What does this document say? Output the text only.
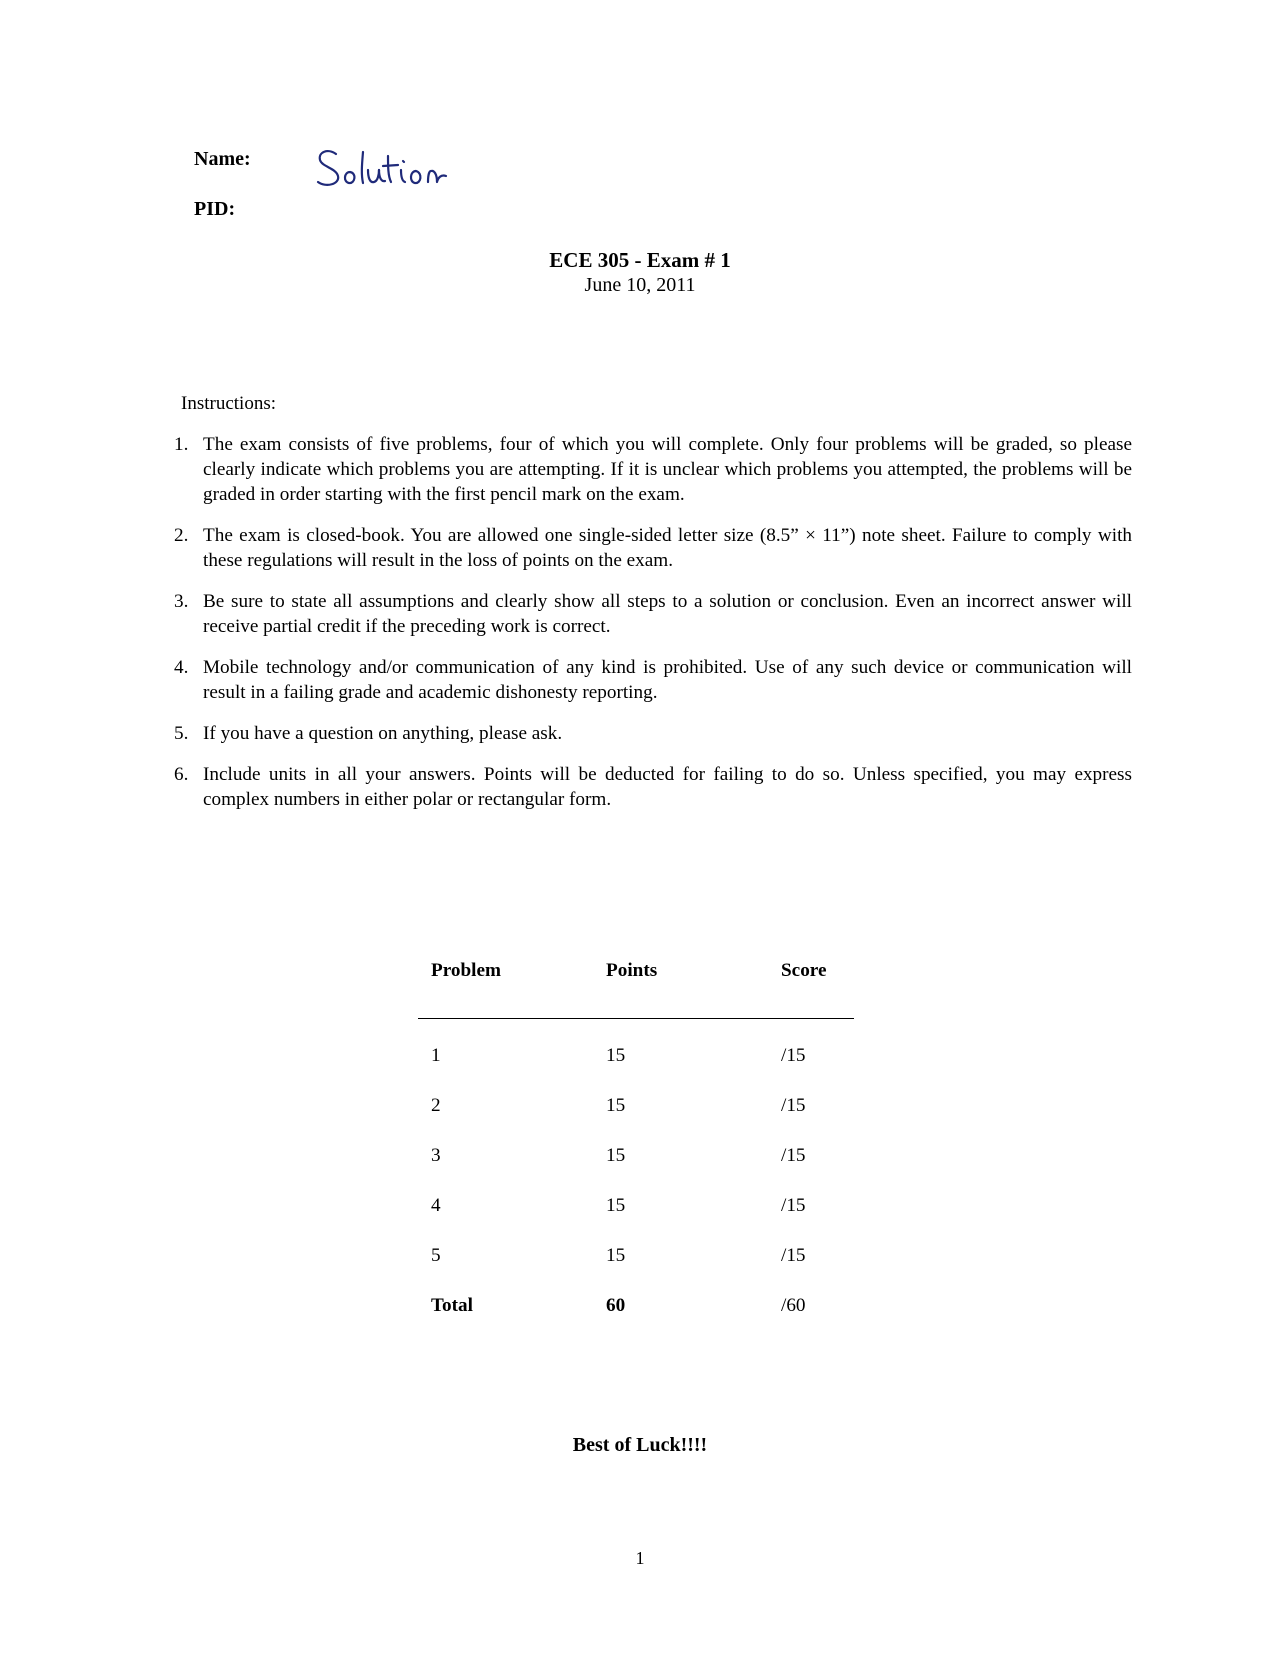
Name:
Solution
PID:
ECE 305 - Exam # 1
June 10, 2011
Instructions:
1. The exam consists of five problems, four of which you will complete. Only four problems will be graded, so please clearly indicate which problems you are attempting. If it is unclear which problems you attempted, the problems will be graded in order starting with the first pencil mark on the exam.
2. The exam is closed-book. You are allowed one single-sided letter size (8.5” × 11”) note sheet. Failure to comply with these regulations will result in the loss of points on the exam.
3. Be sure to state all assumptions and clearly show all steps to a solution or conclusion. Even an incorrect answer will receive partial credit if the preceding work is correct.
4. Mobile technology and/or communication of any kind is prohibited. Use of any such device or communication will result in a failing grade and academic dishonesty reporting.
5. If you have a question on anything, please ask.
6. Include units in all your answers. Points will be deducted for failing to do so. Unless specified, you may express complex numbers in either polar or rectangular form.
Problem	Points	Score
1	15	/15
2	15	/15
3	15	/15
4	15	/15
5	15	/15
Total	60	/60
Best of Luck!!!!
1
